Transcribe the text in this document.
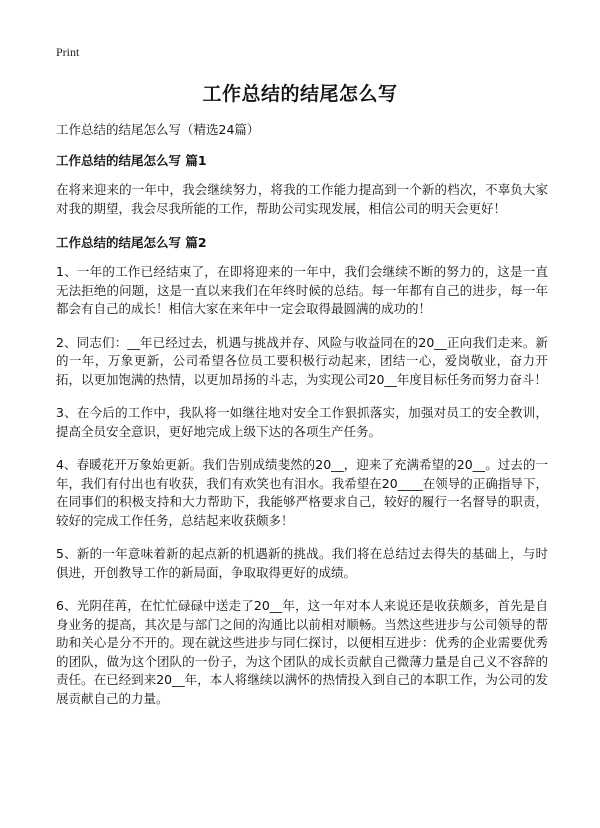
Print
工作总结的结尾怎么写
工作总结的结尾怎么写（精选24篇）
工作总结的结尾怎么写 篇1

在将来迎来的一年中，我会继续努力，将我的工作能力提高到一个新的档次，不辜负大家对我的期望，我会尽我所能的工作，帮助公司实现发展，相信公司的明天会更好！

工作总结的结尾怎么写 篇2

1、一年的工作已经结束了，在即将迎来的一年中，我们会继续不断的努力的，这是一直无法拒绝的问题，这是一直以来我们在年终时候的总结。每一年都有自己的进步，每一年都会有自己的成长！相信大家在来年中一定会取得最圆满的成功的！

2、同志们：__年已经过去，机遇与挑战并存、风险与收益同在的20__正向我们走来。新的一年，万象更新，公司希望各位员工要积极行动起来，团结一心，爱岗敬业，奋力开拓，以更加饱满的热情，以更加昂扬的斗志，为实现公司20__年度目标任务而努力奋斗！

3、在今后的工作中，我队将一如继往地对安全工作狠抓落实，加强对员工的安全教训，提高全员安全意识，更好地完成上级下达的各项生产任务。

4、春暖花开万象始更新。我们告别成绩斐然的20__，迎来了充满希望的20__。过去的一年，我们有付出也有收获，我们有欢笑也有泪水。我希望在20____在领导的正确指导下，在同事们的积极支持和大力帮助下，我能够严格要求自己，较好的履行一名督导的职责，较好的完成工作任务，总结起来收获颇多！

5、新的一年意味着新的起点新的机遇新的挑战。我们将在总结过去得失的基础上，与时俱进，开创教导工作的新局面，争取取得更好的成绩。

6、光阴荏苒，在忙忙碌碌中送走了20__年，这一年对本人来说还是收获颇多，首先是自身业务的提高，其次是与部门之间的沟通比以前相对顺畅。当然这些进步与公司领导的帮助和关心是分不开的。现在就这些进步与同仁探讨，以便相互进步：优秀的企业需要优秀的团队，做为这个团队的一份子，为这个团队的成长贡献自己微薄力量是自己义不容辞的责任。在已经到来20__年，本人将继续以满怀的热情投入到自己的本职工作，为公司的发展贡献自己的力量。
